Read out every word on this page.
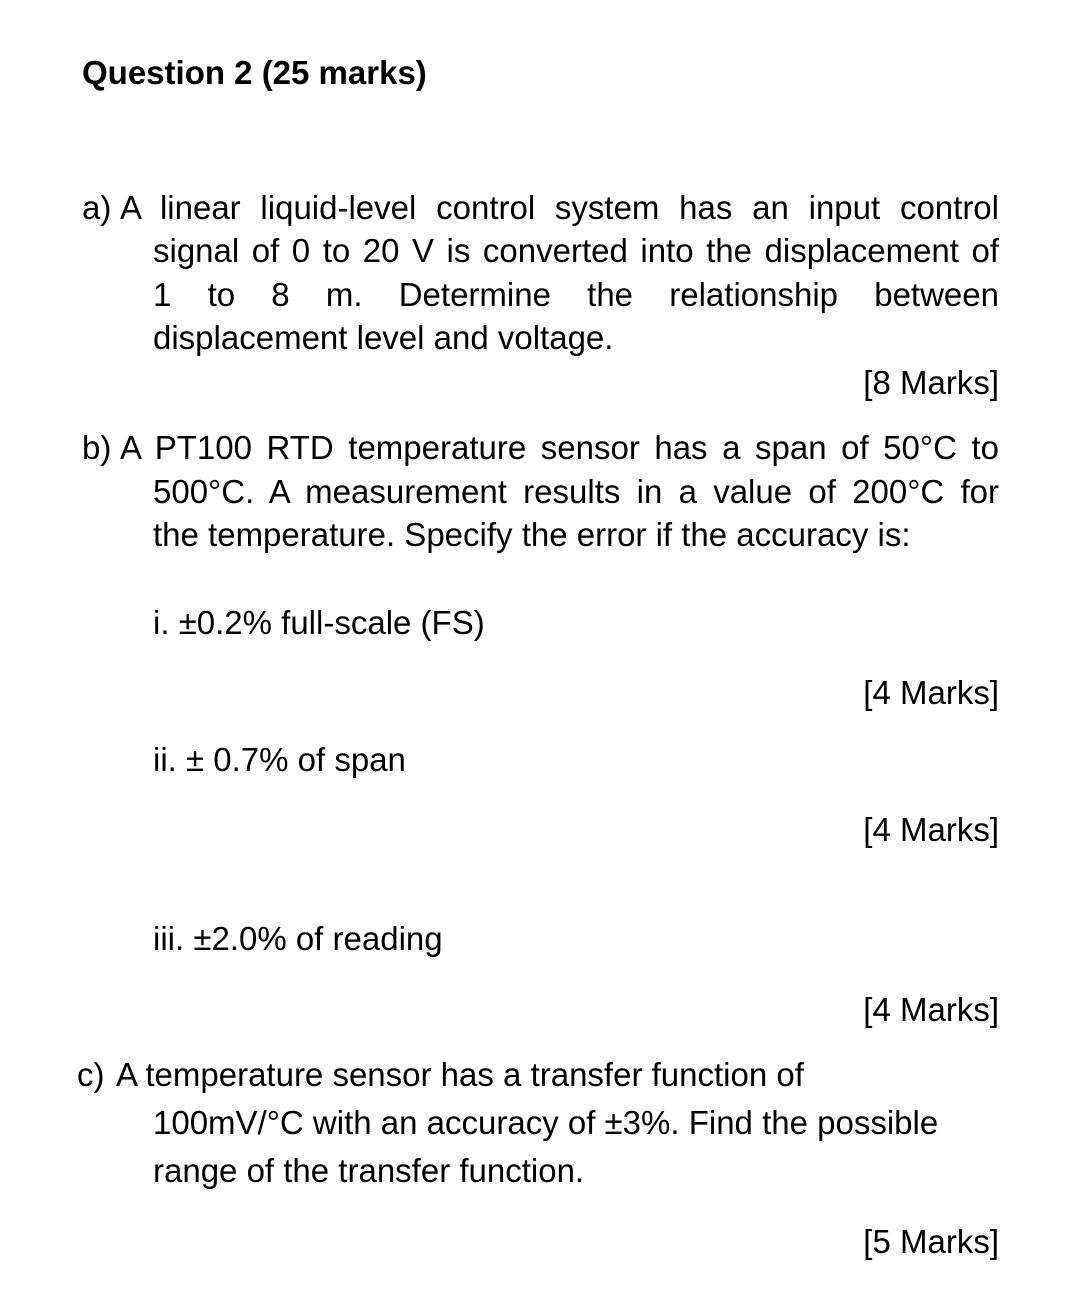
Question 2 (25 marks)
a) A linear liquid-level control system has an input control
signal of 0 to 20 V is converted into the displacement of
1 to 8 m. Determine the relationship between
displacement level and voltage.
[8 Marks]
b) A PT100 RTD temperature sensor has a span of 50°C to
500°C. A measurement results in a value of 200°C for
the temperature. Specify the error if the accuracy is:
i. ±0.2% full-scale (FS)
[4 Marks]
ii. ± 0.7% of span
[4 Marks]
iii. ±2.0% of reading
[4 Marks]
c) A temperature sensor has a transfer function of
100mV/°C with an accuracy of ±3%. Find the possible
range of the transfer function.
[5 Marks]
